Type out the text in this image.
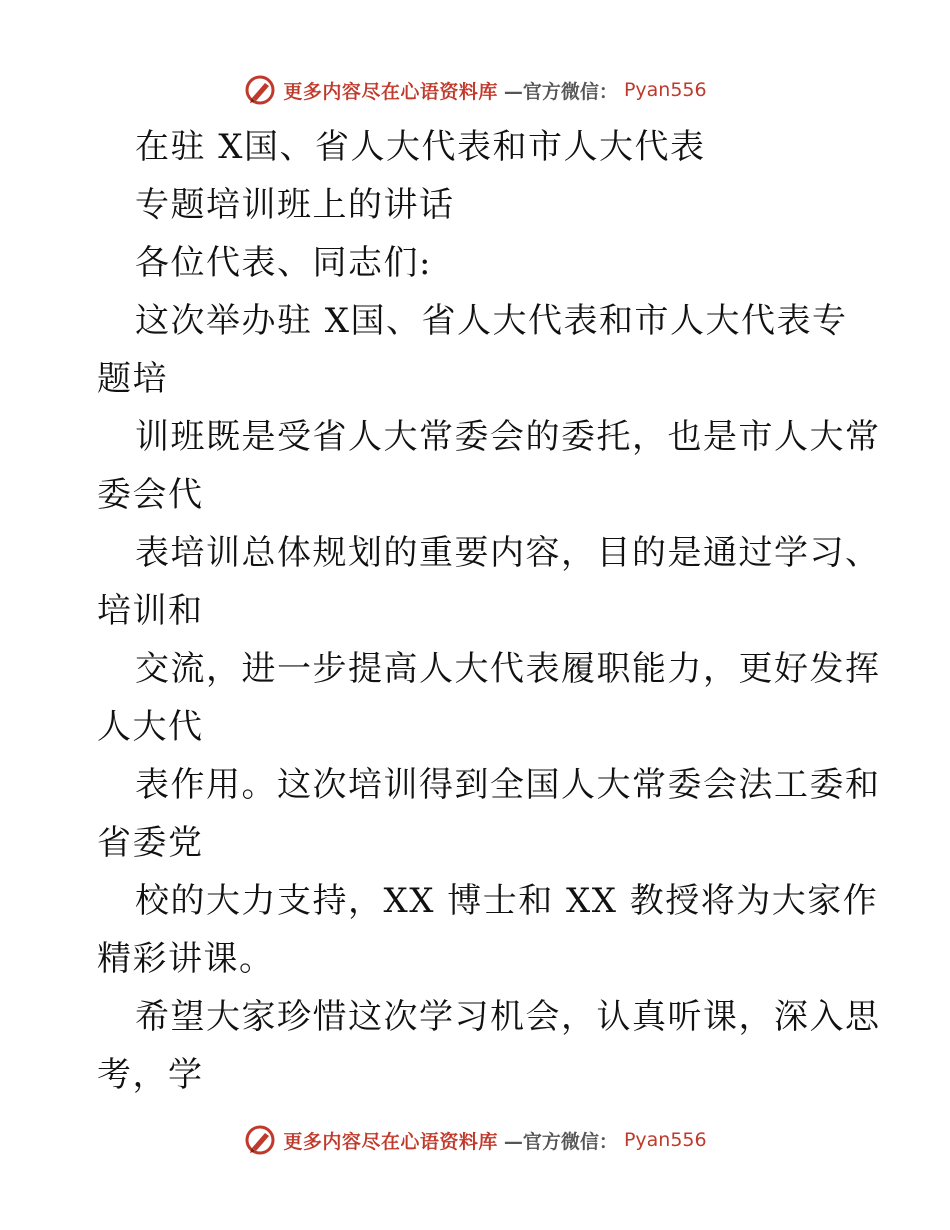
更多内容尽在心语资料库 —官方微信： Pyan556
在驻 X国、省人大代表和市人大代表
专题培训班上的讲话
各位代表、同志们:
这次举办驻 X国、省人大代表和市人大代表专
题培
训班既是受省人大常委会的委托，也是市人大常
委会代
表培训总体规划的重要内容，目的是通过学习、
培训和
交流，进一步提高人大代表履职能力，更好发挥
人大代
表作用。这次培训得到全国人大常委会法工委和
省委党
校的大力支持，XX 博士和 XX 教授将为大家作
精彩讲课。
希望大家珍惜这次学习机会，认真听课，深入思
考，学
更多内容尽在心语资料库 —官方微信： Pyan556
